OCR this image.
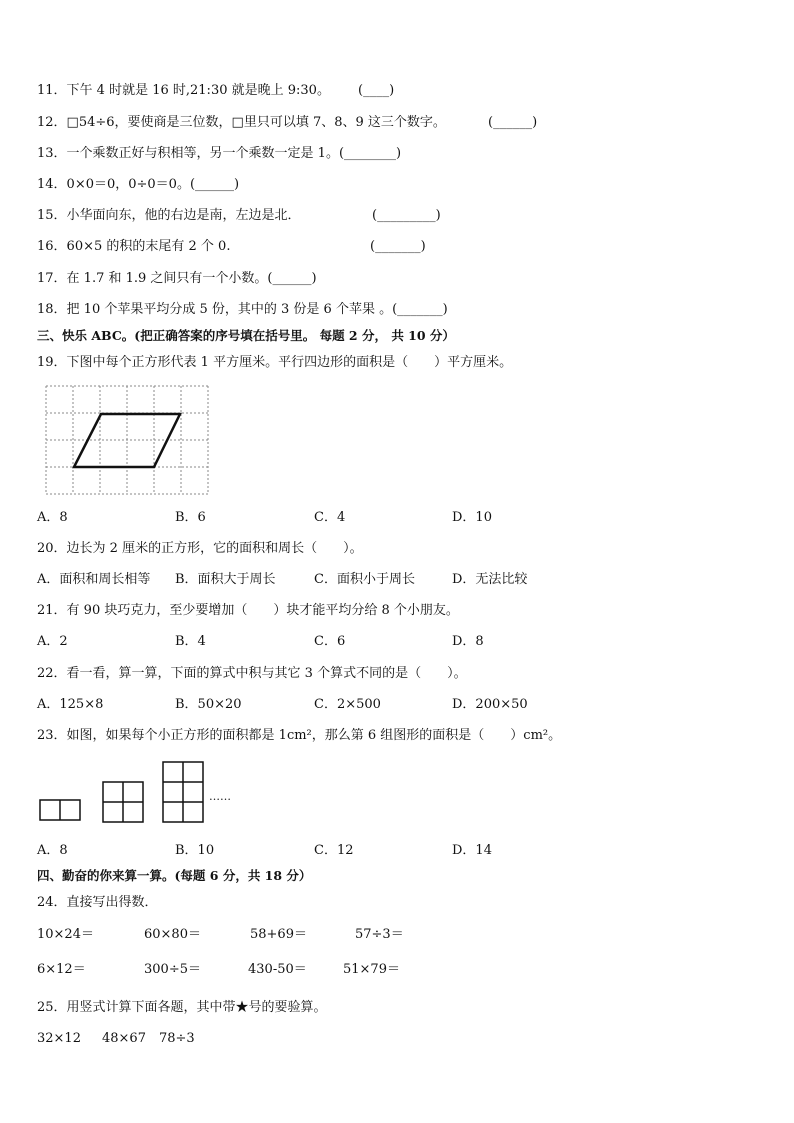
11．下午 4 时就是 16 时,21:30 就是晚上 9:30。 (____)
12．□54÷6，要使商是三位数，□里只可以填 7、8、9 这三个数字。	(______)
13．一个乘数正好与积相等，另一个乘数一定是 1。(________)
14．0×0＝0，0÷0＝0。(______)
15．小华面向东，他的右边是南，左边是北．	(_________)
16．60×5 的积的末尾有 2 个 0.	(_______)
17．在 1.7 和 1.9 之间只有一个小数。(______)
18．把 10 个苹果平均分成 5 份，其中的 3 份是 6 个苹果 。(_______)
三、快乐 ABC。(把正确答案的序号填在括号里。 每题 2 分， 共 10 分）
19．下图中每个正方形代表 1 平方厘米。平行四边形的面积是（　　）平方厘米。
A．8	B．6	C．4	D．10
20．边长为 2 厘米的正方形，它的面积和周长（　　）。
A．面积和周长相等 B．面积大于周长	C．面积小于周长	D．无法比较
21．有 90 块巧克力，至少要增加（　　）块才能平均分给 8 个小朋友。
A．2	B．4	C．6	D．8
22．看一看，算一算，下面的算式中积与其它 3 个算式不同的是（　　）。
A．125×8	B．50×20	C．2×500	D．200×50
23．如图，如果每个小正方形的面积都是 1cm²，那么第 6 组图形的面积是（　　）cm²。
……
A．8	B．10	C．12	D．14
四、勤奋的你来算一算。(每题 6 分，共 18 分）
24．直接写出得数．
10×24＝	60×80＝	58+69＝	57÷3＝
6×12＝	300÷5＝	430-50＝	51×79＝
25．用竖式计算下面各题，其中带★号的要验算。
32×12 48×67 78÷3
